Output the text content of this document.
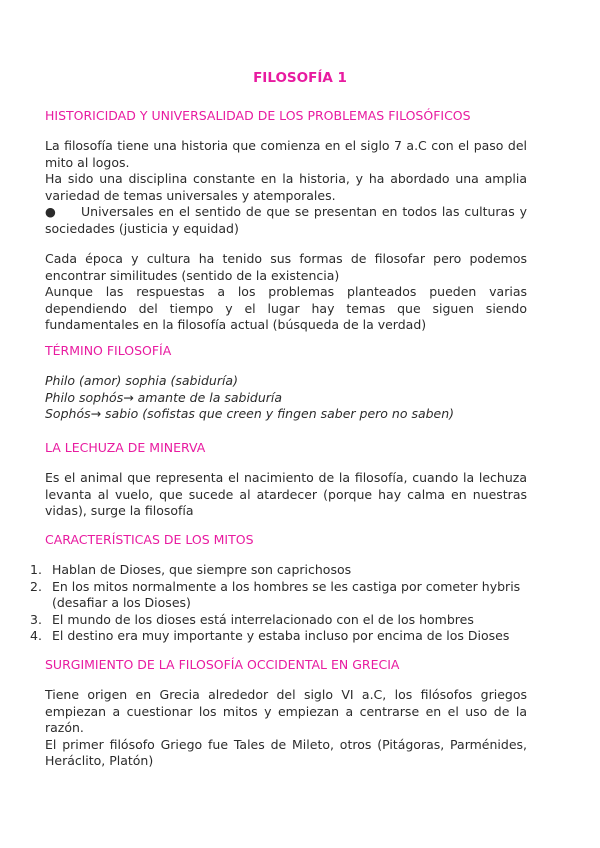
FILOSOFÍA 1
HISTORICIDAD Y UNIVERSALIDAD DE LOS PROBLEMAS FILOSÓFICOS
La filosofía tiene una historia que comienza en el siglo 7 a.C con el paso del
mito al logos.
Ha sido una disciplina constante en la historia, y ha abordado una amplia
variedad de temas universales y atemporales.
●	Universales en el sentido de que se presentan en todos las culturas y
sociedades (justicia y equidad)
Cada época y cultura ha tenido sus formas de filosofar pero podemos
encontrar similitudes (sentido de la existencia)
Aunque las respuestas a los problemas planteados pueden varias
dependiendo del tiempo y el lugar hay temas que siguen siendo
fundamentales en la filosofía actual (búsqueda de la verdad)
TÉRMINO FILOSOFÍA
Philo (amor) sophia (sabiduría)
Philo sophós→ amante de la sabiduría
Sophós→ sabio (sofistas que creen y fingen saber pero no saben)
LA LECHUZA DE MINERVA
Es el animal que representa el nacimiento de la filosofía, cuando la lechuza
levanta al vuelo, que sucede al atardecer (porque hay calma en nuestras
vidas), surge la filosofía
CARACTERÍSTICAS DE LOS MITOS
1. Hablan de Dioses, que siempre son caprichosos
2. En los mitos normalmente a los hombres se les castiga por cometer hybris
(desafiar a los Dioses)
3. El mundo de los dioses está interrelacionado con el de los hombres
4. El destino era muy importante y estaba incluso por encima de los Dioses
SURGIMIENTO DE LA FILOSOFÍA OCCIDENTAL EN GRECIA
Tiene origen en Grecia alrededor del siglo VI a.C, los filósofos griegos
empiezan a cuestionar los mitos y empiezan a centrarse en el uso de la
razón.
El primer filósofo Griego fue Tales de Mileto, otros (Pitágoras, Parménides,
Heráclito, Platón)
